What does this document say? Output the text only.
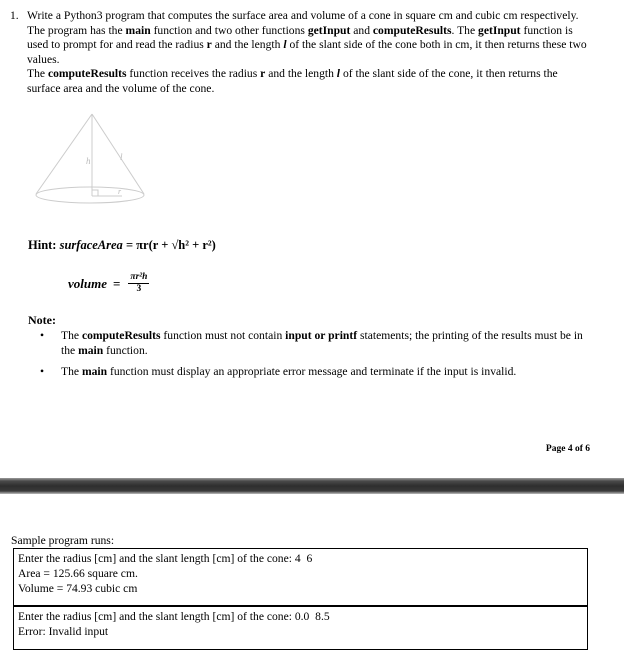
1. Write a Python3 program that computes the surface area and volume of a cone in square cm and cubic cm respectively. The program has the main function and two other functions getInput and computeResults. The getInput function is used to prompt for and read the radius r and the length l of the slant side of the cone both in cm, it then returns these two values.
The computeResults function receives the radius r and the length l of the slant side of the cone, it then returns the surface area and the volume of the cone.
h	l
r
Hint: surfaceArea = πr(r + √h² + r²)
volume = $\frac{\text{πr²h}}{3}$
Note:
• The computeResults function must not contain input or printf statements; the printing of the results must be in the main function.
• The main function must display an appropriate error message and terminate if the input is invalid.
Page 4 of 6
Sample program runs:
Enter the radius [cm] and the slant length [cm] of the cone: 4  6
Area = 125.66 square cm.
Volume = 74.93 cubic cm
Enter the radius [cm] and the slant length [cm] of the cone: 0.0  8.5
Error: Invalid input
